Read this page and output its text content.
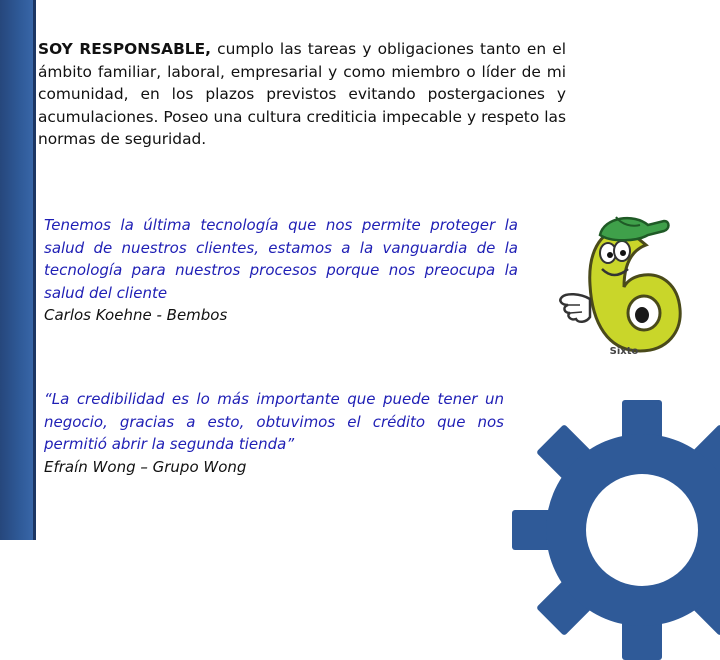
SOY RESPONSABLE, cumplo las tareas y obligaciones tanto en el ámbito familiar, laboral, empresarial y como miembro o líder de mi comunidad, en los plazos previstos evitando postergaciones y acumulaciones. Poseo una cultura crediticia impecable y respeto las normas de seguridad.

Tenemos la última tecnología que nos permite proteger la salud de nuestros clientes, estamos a la vanguardia de la tecnología para nuestros procesos porque nos preocupa la salud del cliente
Carlos Koehne - Bembos
“La credibilidad es lo más importante que puede tener un negocio, gracias a esto, obtuvimos el crédito que nos permitió abrir la segunda tienda”
Efraín Wong – Grupo Wong
Sixto
